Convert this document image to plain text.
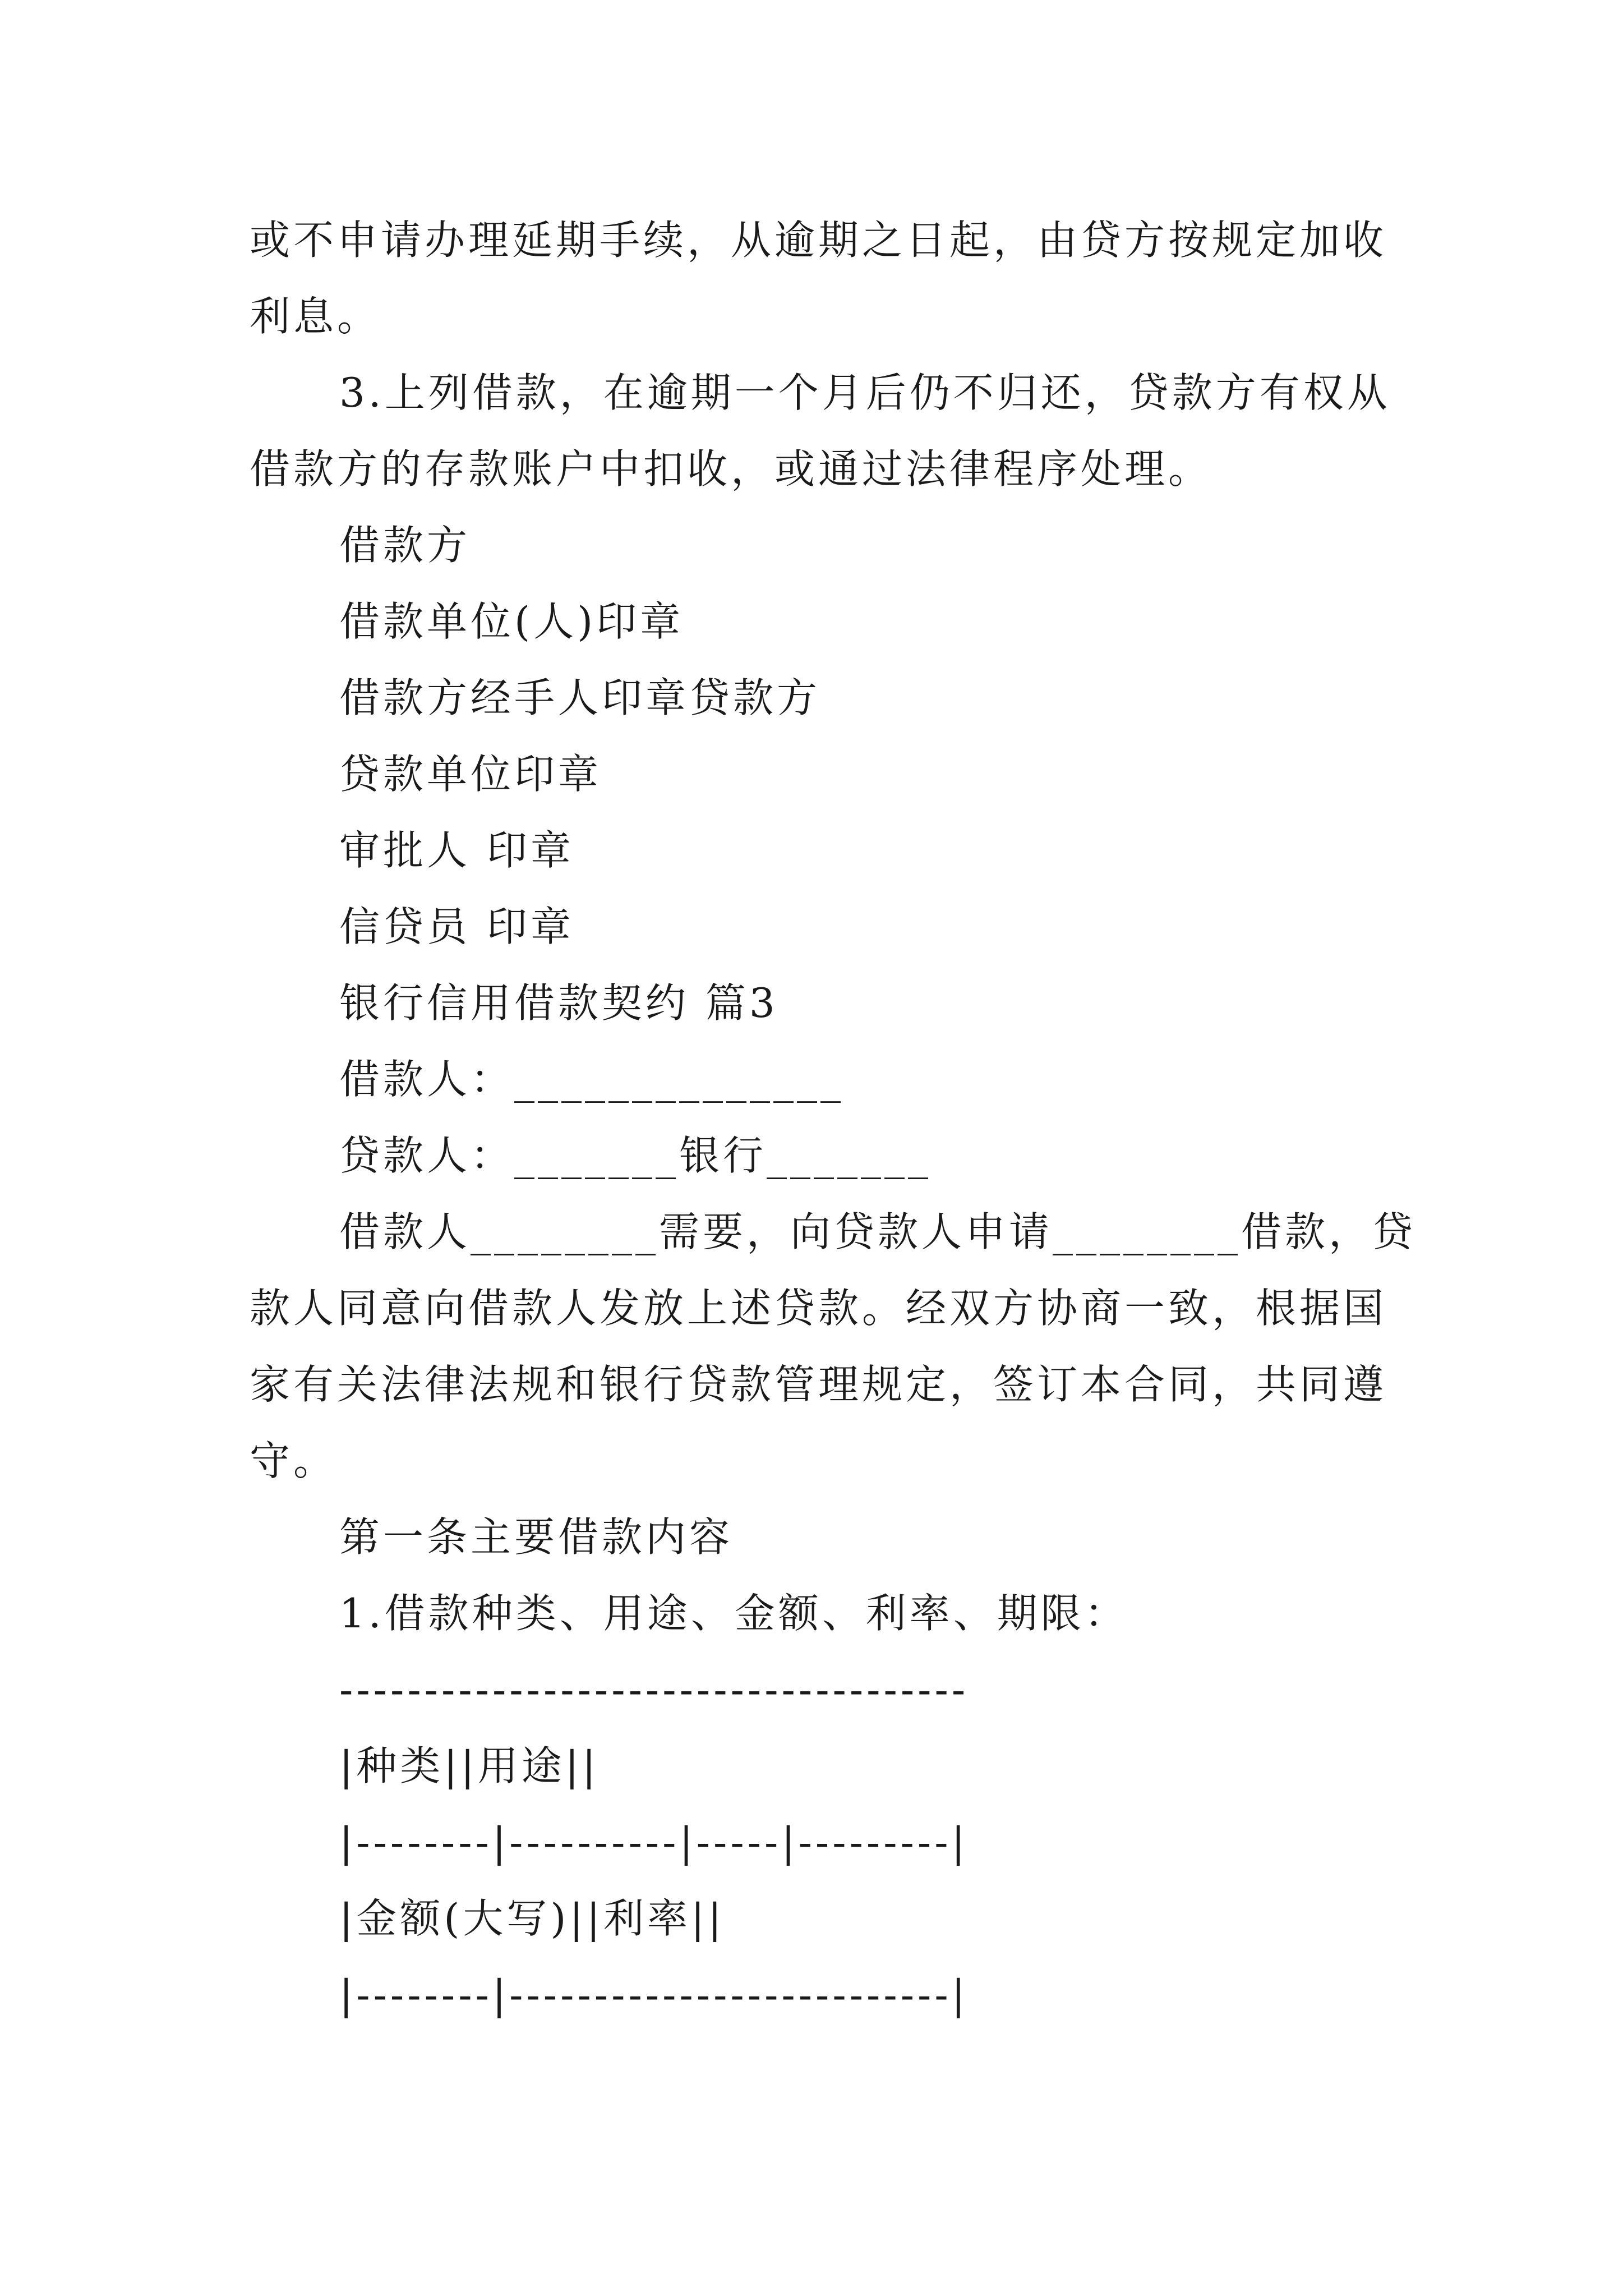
或不申请办理延期手续，从逾期之日起，由贷方按规定加收

利息。

3.上列借款，在逾期一个月后仍不归还，贷款方有权从

借款方的存款账户中扣收，或通过法律程序处理。

借款方

借款单位(人)印章

借款方经手人印章贷款方

贷款单位印章

审批人 印章

信贷员 印章

银行信用借款契约 篇3

借款人：______________

贷款人：_______银行_______

借款人________需要，向贷款人申请________借款，贷

款人同意向借款人发放上述贷款。经双方协商一致，根据国

家有关法律法规和银行贷款管理规定，签订本合同，共同遵

守。

第一条主要借款内容

1.借款种类、用途、金额、利率、期限：

-------------------------------------

|种类||用途||

|--------|----------|-----|---------|

|金额(大写)||利率||

|--------|--------------------------|
